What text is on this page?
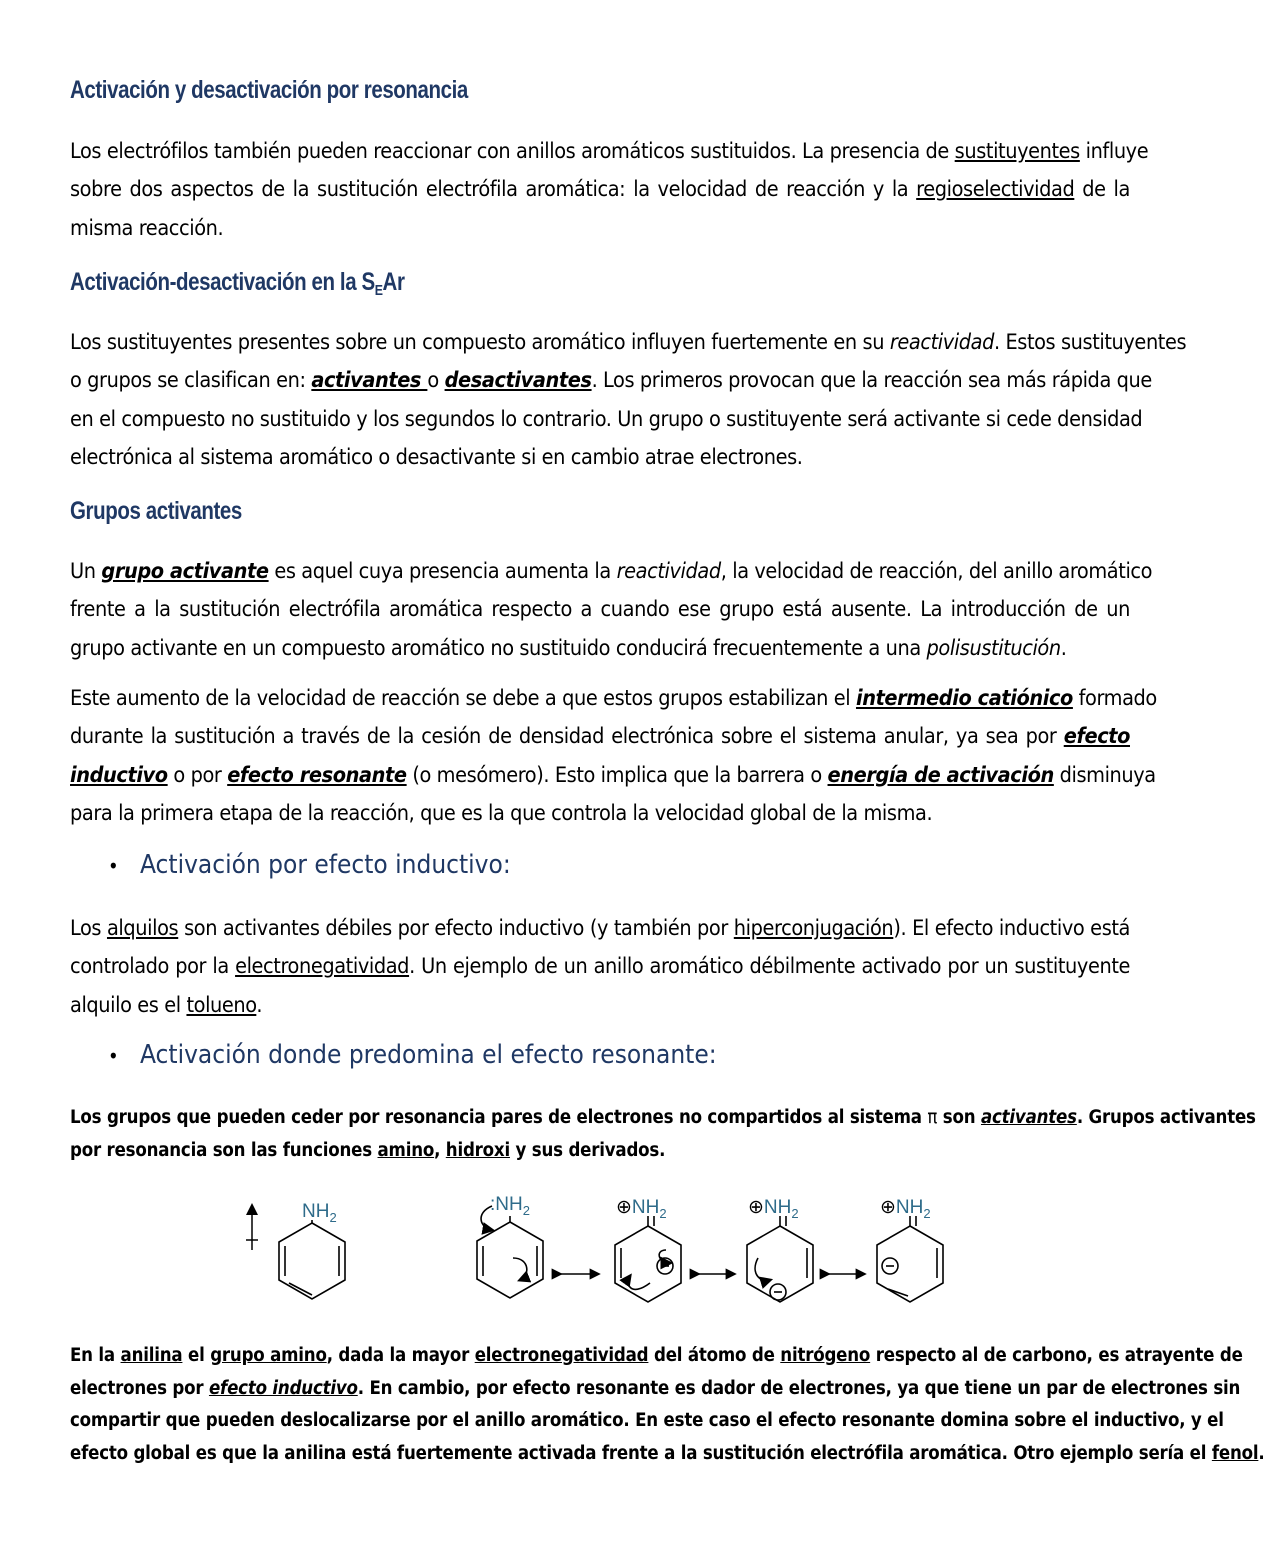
Activación y desactivación por resonancia
Los electrófilos también pueden reaccionar con anillos aromáticos sustituidos. La presencia de sustituyentes influye
sobre dos aspectos de la sustitución electrófila aromática: la velocidad de reacción y la regioselectividad de la
misma reacción.
Activación-desactivación en la $S_EAr$
Los sustituyentes presentes sobre un compuesto aromático influyen fuertemente en su reactividad. Estos sustituyentes
o grupos se clasifican en: activantes o desactivantes. Los primeros provocan que la reacción sea más rápida que
en el compuesto no sustituido y los segundos lo contrario. Un grupo o sustituyente será activante si cede densidad
electrónica al sistema aromático o desactivante si en cambio atrae electrones.
Grupos activantes
Un grupo activante es aquel cuya presencia aumenta la reactividad, la velocidad de reacción, del anillo aromático
frente a la sustitución electrófila aromática respecto a cuando ese grupo está ausente. La introducción de un
grupo activante en un compuesto aromático no sustituido conducirá frecuentemente a una polisustitución.
Este aumento de la velocidad de reacción se debe a que estos grupos estabilizan el intermedio catiónico formado
durante la sustitución a través de la cesión de densidad electrónica sobre el sistema anular, ya sea por efecto
inductivo o por efecto resonante (o mesómero). Esto implica que la barrera o energía de activación disminuya
para la primera etapa de la reacción, que es la que controla la velocidad global de la misma.
• Activación por efecto inductivo:
Los alquilos son activantes débiles por efecto inductivo (y también por hiperconjugación). El efecto inductivo está
controlado por la electronegatividad. Un ejemplo de un anillo aromático débilmente activado por un sustituyente
alquilo es el tolueno.
• Activación donde predomina el efecto resonante:
Los grupos que pueden ceder por resonancia pares de electrones no compartidos al sistema π son activantes. Grupos activantes
por resonancia son las funciones amino, hidroxi y sus derivados.
En la anilina el grupo amino, dada la mayor electronegatividad del átomo de nitrógeno respecto al de carbono, es atrayente de
electrones por efecto inductivo. En cambio, por efecto resonante es dador de electrones, ya que tiene un par de electrones sin
compartir que pueden deslocalizarse por el anillo aromático. En este caso el efecto resonante domina sobre el inductivo, y el
efecto global es que la anilina está fuertemente activada frente a la sustitución electrófila aromática. Otro ejemplo sería el fenol.
$NH_2$
$:NH_2$	$\oplus NH_2$	$\oplus NH_2$	$\oplus NH_2$
